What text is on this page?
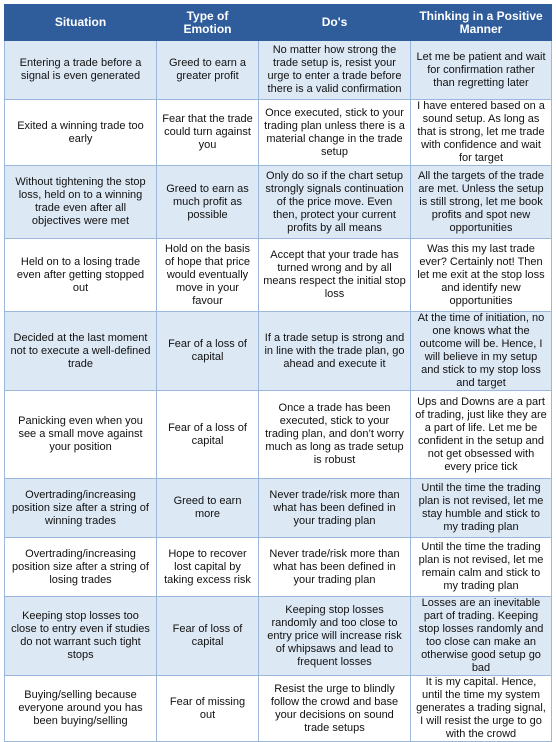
Situation	Type of Emotion	Do's	Thinking in a Positive Manner
Entering a trade before a signal is even generated	Greed to earn a greater profit	No matter how strong the trade setup is, resist your urge to enter a trade before there is a valid confirmation	Let me be patient and wait for confirmation rather than regretting later
Exited a winning trade too early	Fear that the trade could turn against you	Once executed, stick to your trading plan unless there is a material change in the trade setup	I have entered based on a sound setup. As long as that is strong, let me trade with confidence and wait for target
Without tightening the stop loss, held on to a winning trade even after all objectives were met	Greed to earn as much profit as possible	Only do so if the chart setup strongly signals continuation of the price move. Even then, protect your current profits by all means	All the targets of the trade are met. Unless the setup is still strong, let me book profits and spot new opportunities
Held on to a losing trade even after getting stopped out	Hold on the basis of hope that price would eventually move in your favour	Accept that your trade has turned wrong and by all means respect the initial stop loss	Was this my last trade ever? Certainly not! Then let me exit at the stop loss and identify new opportunities
Decided at the last moment not to execute a well-defined trade	Fear of a loss of capital	If a trade setup is strong and in line with the trade plan, go ahead and execute it	At the time of initiation, no one knows what the outcome will be. Hence, I will believe in my setup and stick to my stop loss and target
Panicking even when you see a small move against your position	Fear of a loss of capital	Once a trade has been executed, stick to your trading plan, and don’t worry much as long as trade setup is robust	Ups and Downs are a part of trading, just like they are a part of life. Let me be confident in the setup and not get obsessed with every price tick
Overtrading/increasing position size after a string of winning trades	Greed to earn more	Never trade/risk more than what has been defined in your trading plan	Until the time the trading plan is not revised, let me stay humble and stick to my trading plan
Overtrading/increasing position size after a string of losing trades	Hope to recover lost capital by taking excess risk	Never trade/risk more than what has been defined in your trading plan	Until the time the trading plan is not revised, let me remain calm and stick to my trading plan
Keeping stop losses too close to entry even if studies do not warrant such tight stops	Fear of loss of capital	Keeping stop losses randomly and too close to entry price will increase risk of whipsaws and lead to frequent losses	Losses are an inevitable part of trading. Keeping stop losses randomly and too close can make an otherwise good setup go bad
Buying/selling because everyone around you has been buying/selling	Fear of missing out	Resist the urge to blindly follow the crowd and base your decisions on sound trade setups	It is my capital. Hence, until the time my system generates a trading signal, I will resist the urge to go with the crowd
